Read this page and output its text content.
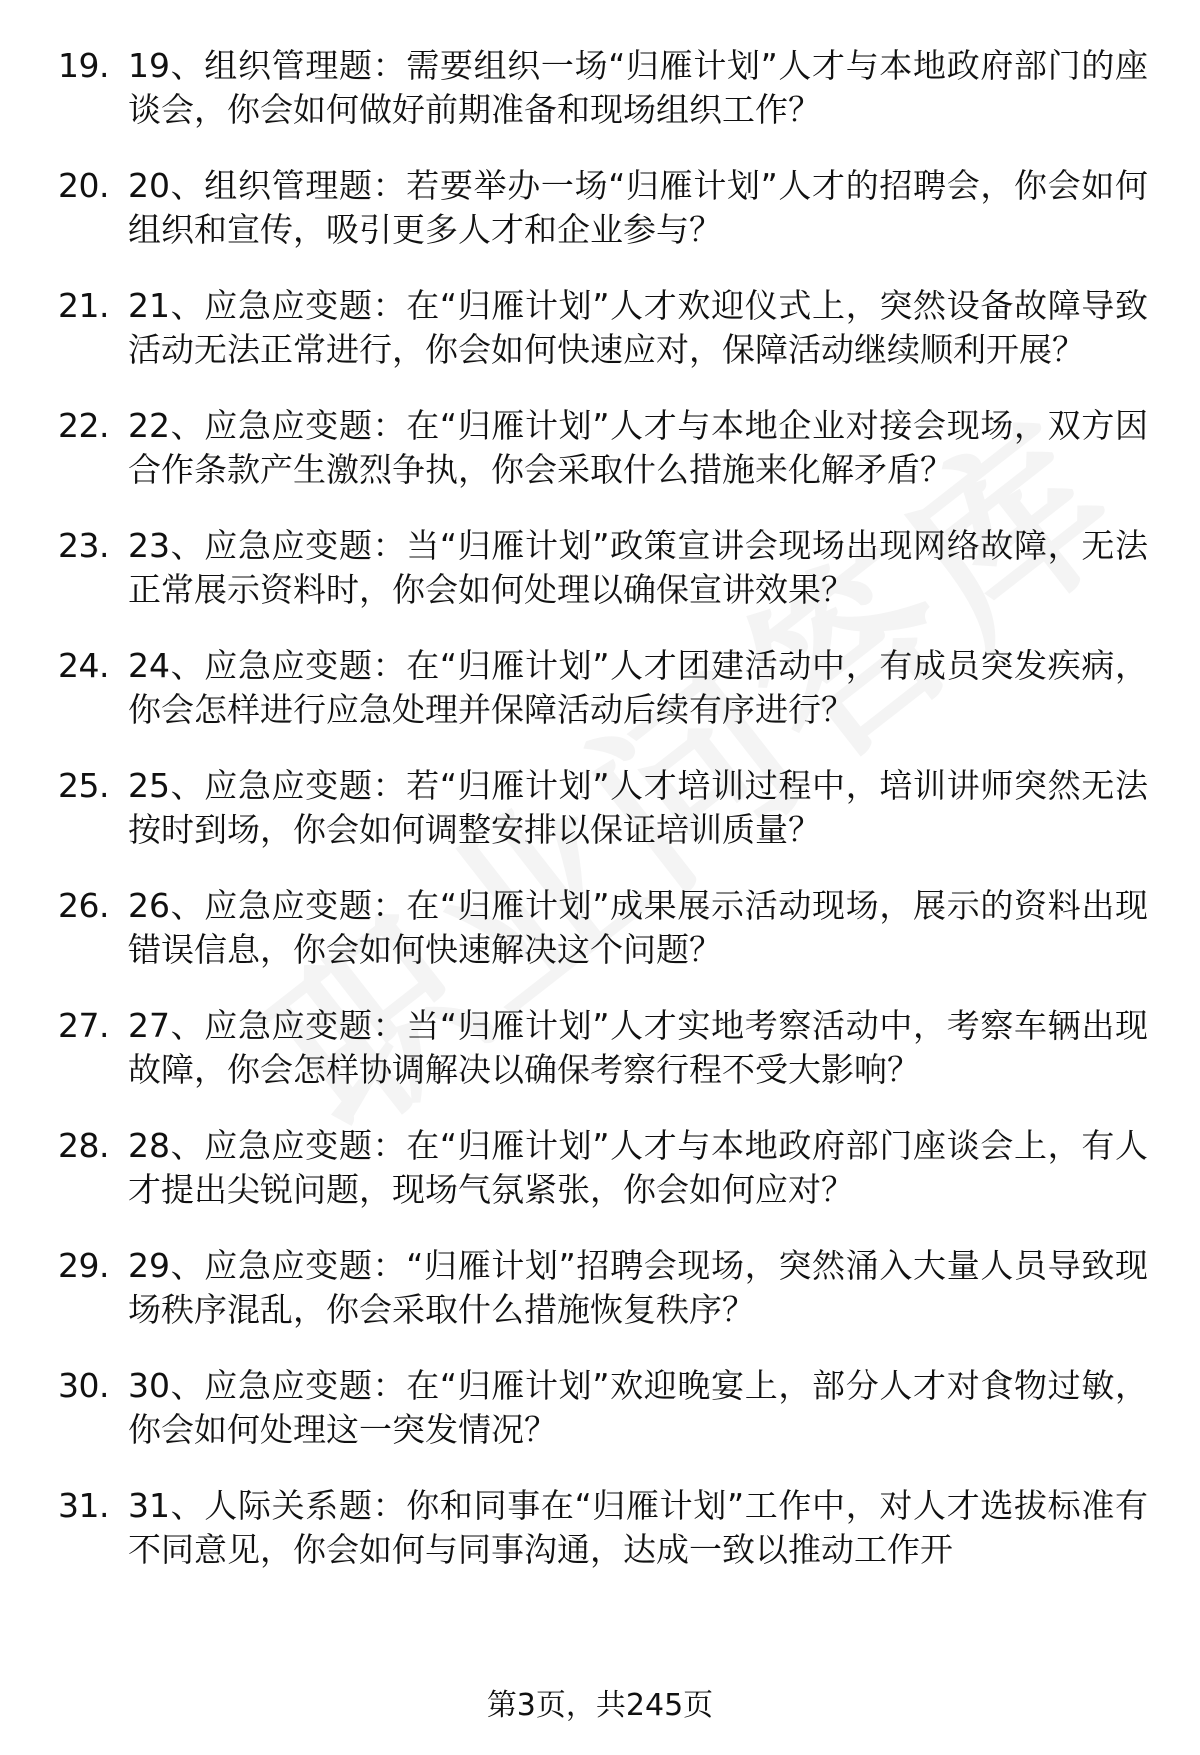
19. 19、组织管理题：需要组织一场“归雁计划”人才与本地政府部门的座谈会，你会如何做好前期准备和现场组织工作？
20. 20、组织管理题：若要举办一场“归雁计划”人才的招聘会，你会如何组织和宣传，吸引更多人才和企业参与？
21. 21、应急应变题：在“归雁计划”人才欢迎仪式上，突然设备故障导致活动无法正常进行，你会如何快速应对，保障活动继续顺利开展？
22. 22、应急应变题：在“归雁计划”人才与本地企业对接会现场，双方因合作条款产生激烈争执，你会采取什么措施来化解矛盾？
23. 23、应急应变题：当“归雁计划”政策宣讲会现场出现网络故障，无法正常展示资料时，你会如何处理以确保宣讲效果？
24. 24、应急应变题：在“归雁计划”人才团建活动中，有成员突发疾病，你会怎样进行应急处理并保障活动后续有序进行？
25. 25、应急应变题：若“归雁计划”人才培训过程中，培训讲师突然无法按时到场，你会如何调整安排以保证培训质量？
26. 26、应急应变题：在“归雁计划”成果展示活动现场，展示的资料出现错误信息，你会如何快速解决这个问题？
27. 27、应急应变题：当“归雁计划”人才实地考察活动中，考察车辆出现故障，你会怎样协调解决以确保考察行程不受大影响？
28. 28、应急应变题：在“归雁计划”人才与本地政府部门座谈会上，有人才提出尖锐问题，现场气氛紧张，你会如何应对？
29. 29、应急应变题：“归雁计划”招聘会现场，突然涌入大量人员导致现场秩序混乱，你会采取什么措施恢复秩序？
30. 30、应急应变题：在“归雁计划”欢迎晚宴上，部分人才对食物过敏，你会如何处理这一突发情况？
31. 31、人际关系题：你和同事在“归雁计划”工作中，对人才选拔标准有不同意见，你会如何与同事沟通，达成一致以推动工作开
第3页，共245页
